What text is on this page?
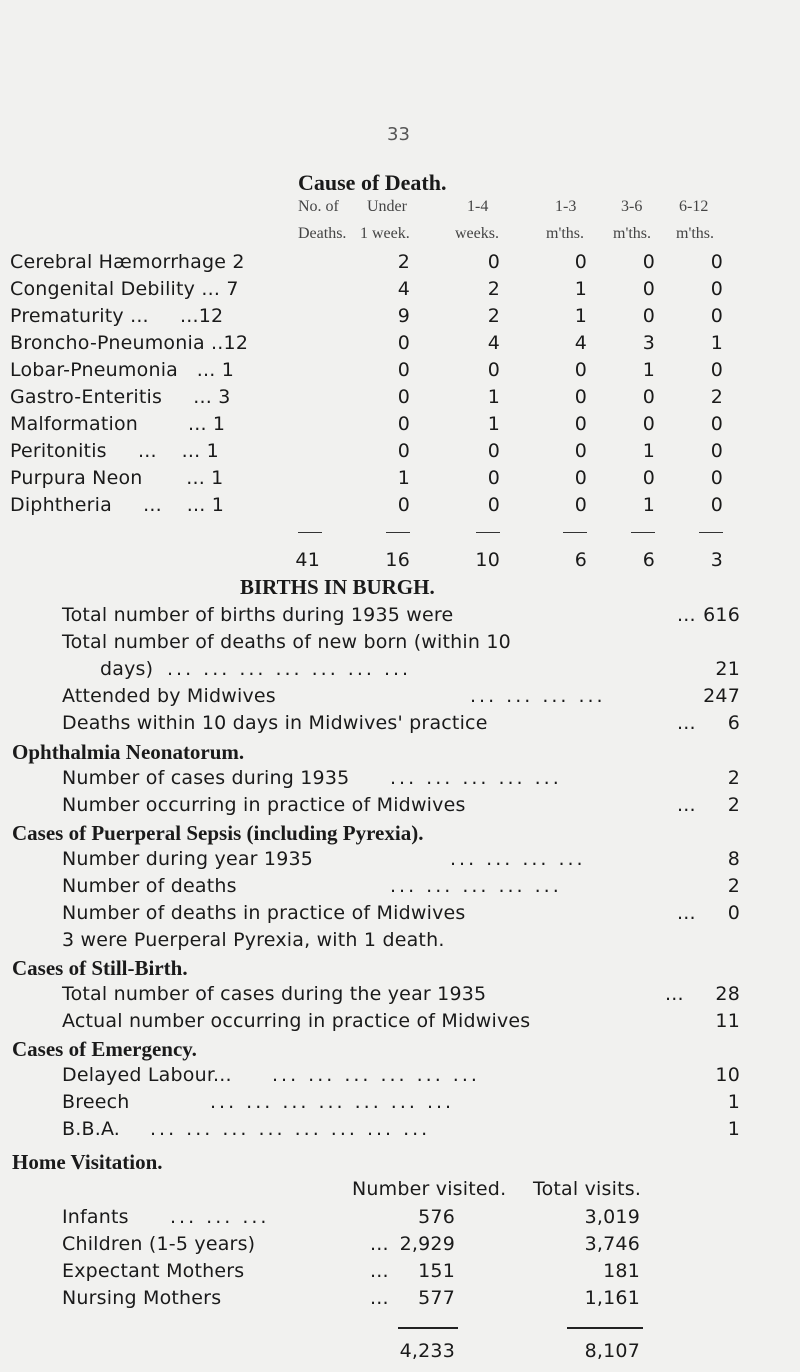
33
Cause of Death.
No. of Under	1-4	1-3	3-6 6-12
Deaths. 1 week.	weeks.	m'ths. m'ths. m'ths.
Cerebral Hæmorrhage 2	2	0	0	0	0
Congenital Debility ... 7	4	2	1	0	0
Prematurity ...     ...12	9	2	1	0	0
Broncho-Pneumonia ..12	0	4	4	3	1
Lobar-Pneumonia   ... 1	0	0	0	1	0
Gastro-Enteritis     ... 3	0	1	0	0	2
Malformation        ... 1	0	1	0	0	0
Peritonitis     ...    ... 1	0	0	0	1	0
Purpura Neon       ... 1	1	0	0	0	0
Diphtheria     ...    ... 1	0	0	0	1	0
41	16	10	6	6	3
BIRTHS IN BURGH.
Total number of births during 1935 were	... 616
Total number of deaths of new born (within 10
days) ... ... ... ... ... ... ...	21
Attended by Midwives	... ... ... ...	247
Deaths within 10 days in Midwives' practice	...	6
Ophthalmia Neonatorum.
Number of cases during 1935 ... ... ... ... ...	2
Number occurring in practice of Midwives	...	2
Cases of Puerperal Sepsis (including Pyrexia).
Number during year 1935	... ... ... ...	8
Number of deaths	... ... ... ... ...	2
Number of deaths in practice of Midwives	...	0
3 were Puerperal Pyrexia, with 1 death.
Cases of Still-Birth.
Total number of cases during the year 1935	...	28
Actual number occurring in practice of Midwives	11
Cases of Emergency.
Delayed Labour
... ... ... ... ... ... ...	10
Breech	... ... ... ... ... ... ...	1
B.B.A. ... ... ... ... ... ... ... ...	1
Home Visitation.
Number visited. Total visits.
Infants ... ... ...	576	3,019
Children (1-5 years)	... 2,929	3,746
Expectant Mothers	...	151	181
Nursing Mothers	...	577	1,161
4,233	8,107
